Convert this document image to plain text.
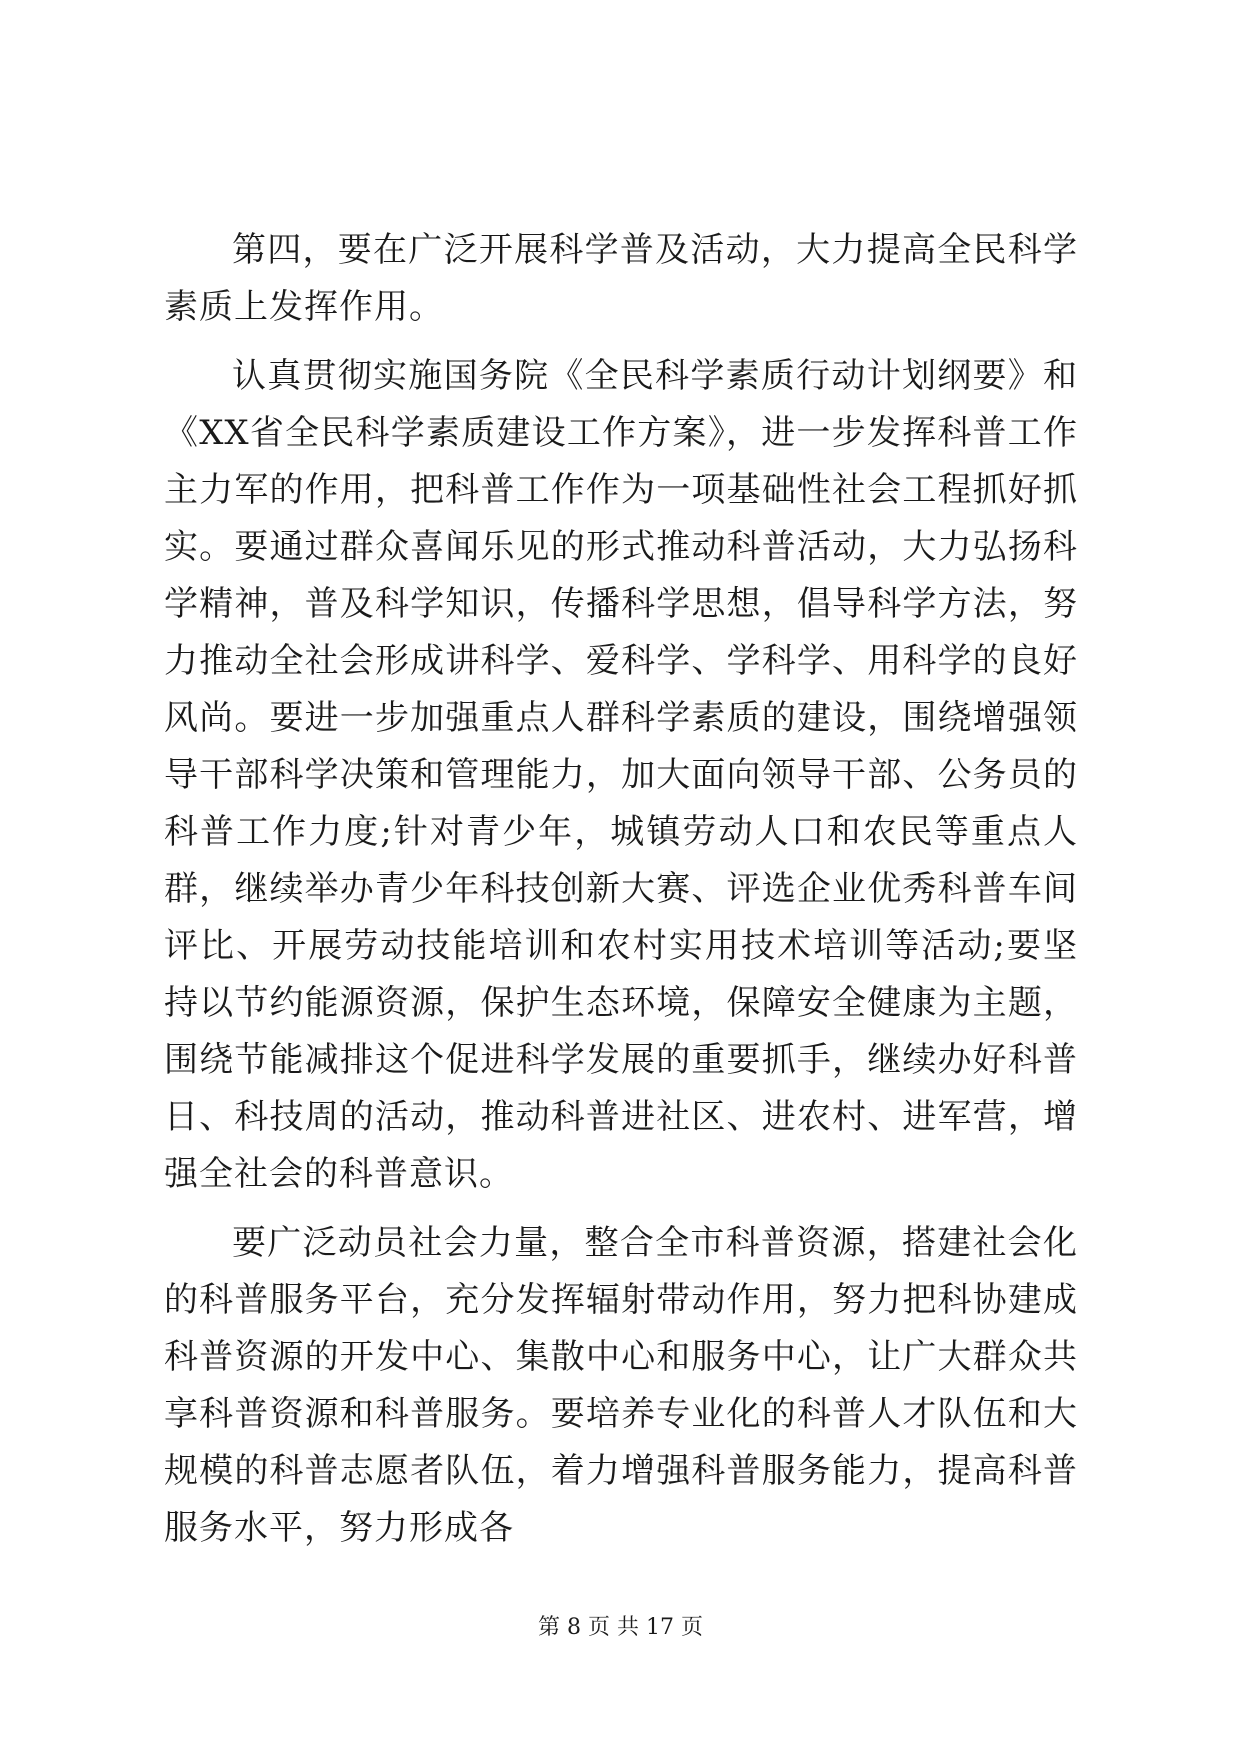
第四，要在广泛开展科学普及活动，大力提高全民科学素质上发挥作用。

认真贯彻实施国务院《全民科学素质行动计划纲要》和《XX省全民科学素质建设工作方案》，进一步发挥科普工作主力军的作用，把科普工作作为一项基础性社会工程抓好抓实。要通过群众喜闻乐见的形式推动科普活动，大力弘扬科学精神，普及科学知识，传播科学思想，倡导科学方法，努力推动全社会形成讲科学、爱科学、学科学、用科学的良好风尚。要进一步加强重点人群科学素质的建设，围绕增强领导干部科学决策和管理能力，加大面向领导干部、公务员的科普工作力度;针对青少年，城镇劳动人口和农民等重点人群，继续举办青少年科技创新大赛、评选企业优秀科普车间评比、开展劳动技能培训和农村实用技术培训等活动;要坚持以节约能源资源，保护生态环境，保障安全健康为主题，围绕节能减排这个促进科学发展的重要抓手，继续办好科普日、科技周的活动，推动科普进社区、进农村、进军营，增强全社会的科普意识。

要广泛动员社会力量，整合全市科普资源，搭建社会化的科普服务平台，充分发挥辐射带动作用，努力把科协建成科普资源的开发中心、集散中心和服务中心，让广大群众共享科普资源和科普服务。要培养专业化的科普人才队伍和大规模的科普志愿者队伍，着力增强科普服务能力，提高科普服务水平，努力形成各

第 8 页 共 17 页
